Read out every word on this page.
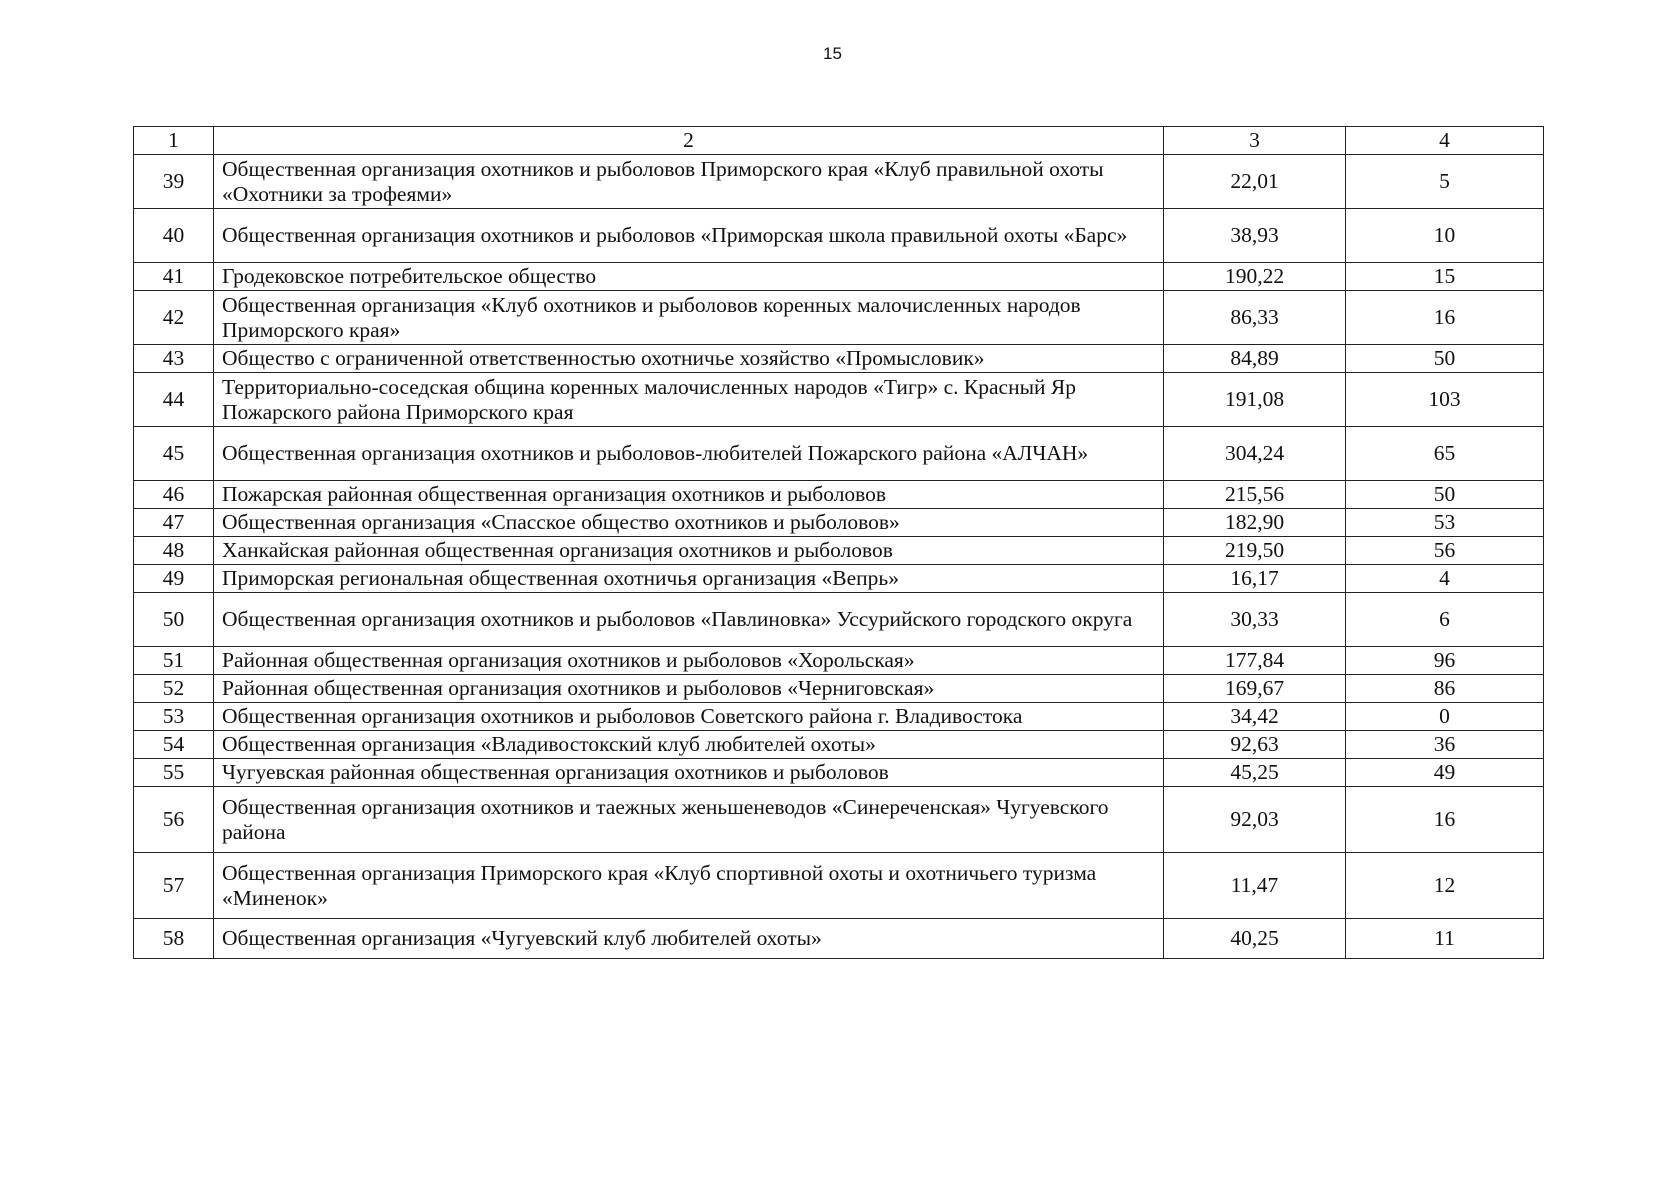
15
1	2	3	4
39	Общественная организация охотников и рыболовов Приморского края «Клуб правильной охоты «Охотники за трофеями»	22,01	5
40	Общественная организация охотников и рыболовов «Приморская школа правильной охоты «Барс»	38,93	10
41	Гродековское потребительское общество	190,22	15
42	Общественная организация «Клуб охотников и рыболовов коренных малочисленных народов Приморского края»	86,33	16
43	Общество с ограниченной ответственностью охотничье хозяйство «Промысловик»	84,89	50
44	Территориально-соседская община коренных малочисленных народов «Тигр» с. Красный Яр Пожарского района Приморского края	191,08	103
45	Общественная организация охотников и рыболовов-любителей Пожарского района «АЛЧАН»	304,24	65
46	Пожарская районная общественная организация охотников и рыболовов	215,56	50
47	Общественная организация «Спасское общество охотников и рыболовов»	182,90	53
48	Ханкайская районная общественная организация охотников и рыболовов	219,50	56
49	Приморская региональная общественная охотничья организация «Вепрь»	16,17	4
50	Общественная организация охотников и рыболовов «Павлиновка» Уссурийского городского округа	30,33	6
51	Районная общественная организация охотников и рыболовов «Хорольская»	177,84	96
52	Районная общественная организация охотников и рыболовов «Черниговская»	169,67	86
53	Общественная организация охотников и рыболовов Советского района г. Владивостока	34,42	0
54	Общественная организация «Владивостокский клуб любителей охоты»	92,63	36
55	Чугуевская районная общественная организация охотников и рыболовов	45,25	49
56	Общественная организация охотников и таежных женьшеневодов «Синереченская» Чугуевского района	92,03	16
57	Общественная организация Приморского края «Клуб спортивной охоты и охотничьего туризма «Миненок»	11,47	12
58	Общественная организация «Чугуевский клуб любителей охоты»	40,25	11
